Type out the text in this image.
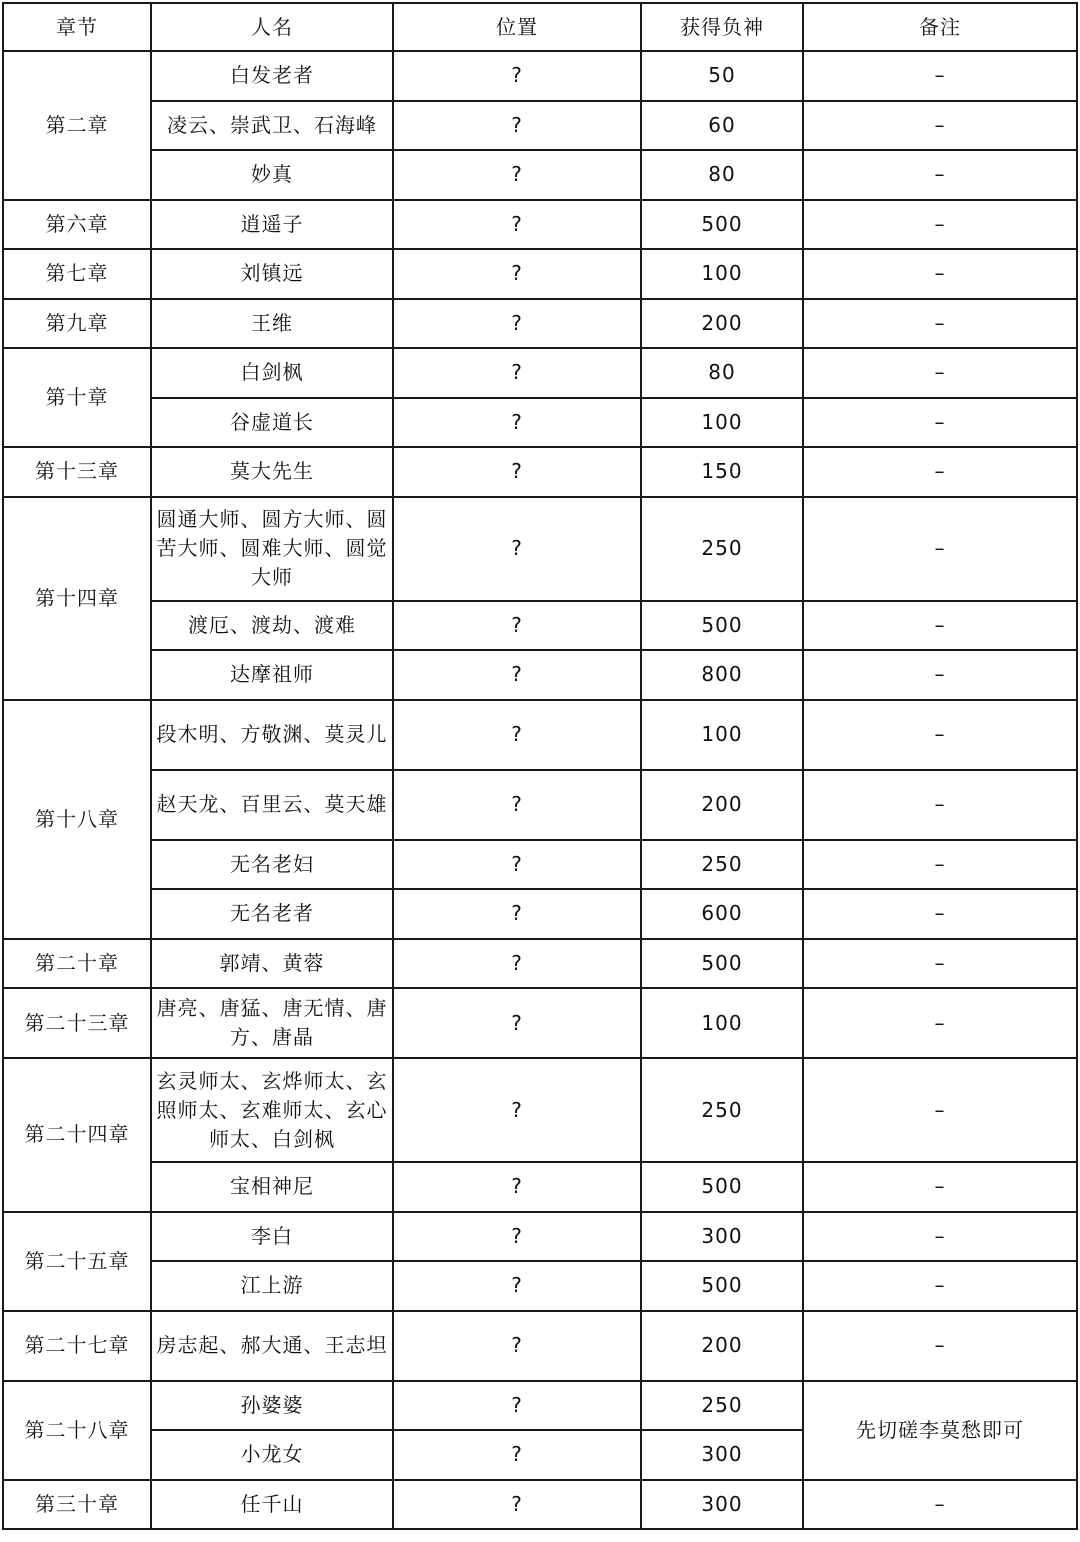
章节	人名	位置	获得负神	备注
第二章	白发老者	?	50	–
	凌云、崇武卫、石海峰	?	60	–
	妙真	?	80	–
第六章	逍遥子	?	500	–
第七章	刘镇远	?	100	–
第九章	王维	?	200	–
第十章	白剑枫	?	80	–
	谷虚道长	?	100	–
第十三章	莫大先生	?	150	–
第十四章	圆通大师、圆方大师、圆苦大师、圆难大师、圆觉大师	?	250	–
	渡厄、渡劫、渡难	?	500	–
	达摩祖师	?	800	–
第十八章	段木明、方敬渊、莫灵儿	?	100	–
	赵天龙、百里云、莫天雄	?	200	–
	无名老妇	?	250	–
	无名老者	?	600	–
第二十章	郭靖、黄蓉	?	500	–
第二十三章	唐亮、唐猛、唐无情、唐方、唐晶	?	100	–
第二十四章	玄灵师太、玄烨师太、玄照师太、玄难师太、玄心师太、白剑枫	?	250	–
	宝相神尼	?	500	–
第二十五章	李白	?	300	–
	江上游	?	500	–
第二十七章	房志起、郝大通、王志坦	?	200	–
第二十八章	孙婆婆	?	250	先切磋李莫愁即可
	小龙女	?	300	
第三十章	任千山	?	300	–
